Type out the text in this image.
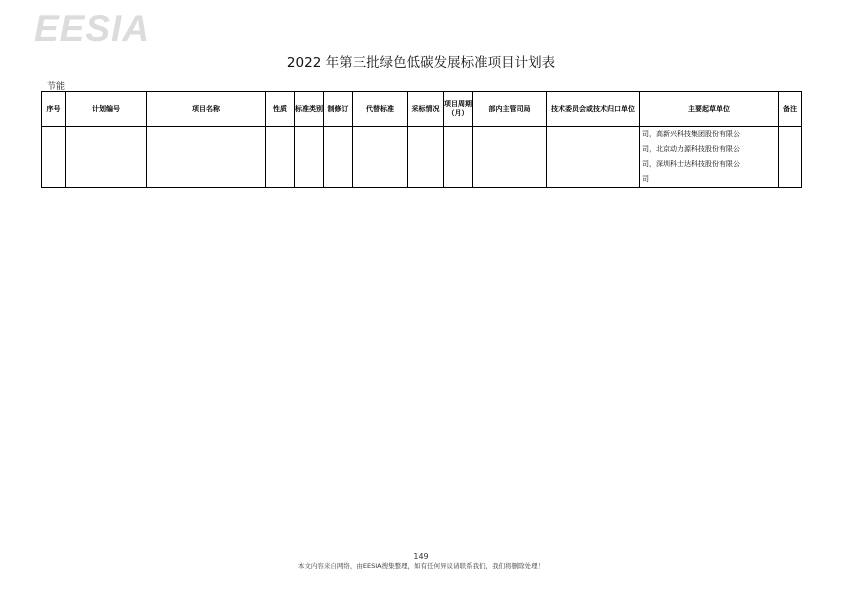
EESIA
2022 年第三批绿色低碳发展标准项目计划表
节能
序号	计划编号	项目名称	性质	标准类别	制修订	代替标准	采标情况	项目周期（月）	部内主管司局	技术委员会或技术归口单位	主要起草单位	备注

											司，高新兴科技集团股份有限公
司，北京动力源科技股份有限公
司，深圳科士达科技股份有限公
司	

149
本文内容来自网络，由EESIA搜集整理，如有任何异议请联系我们，我们将删除处理！
